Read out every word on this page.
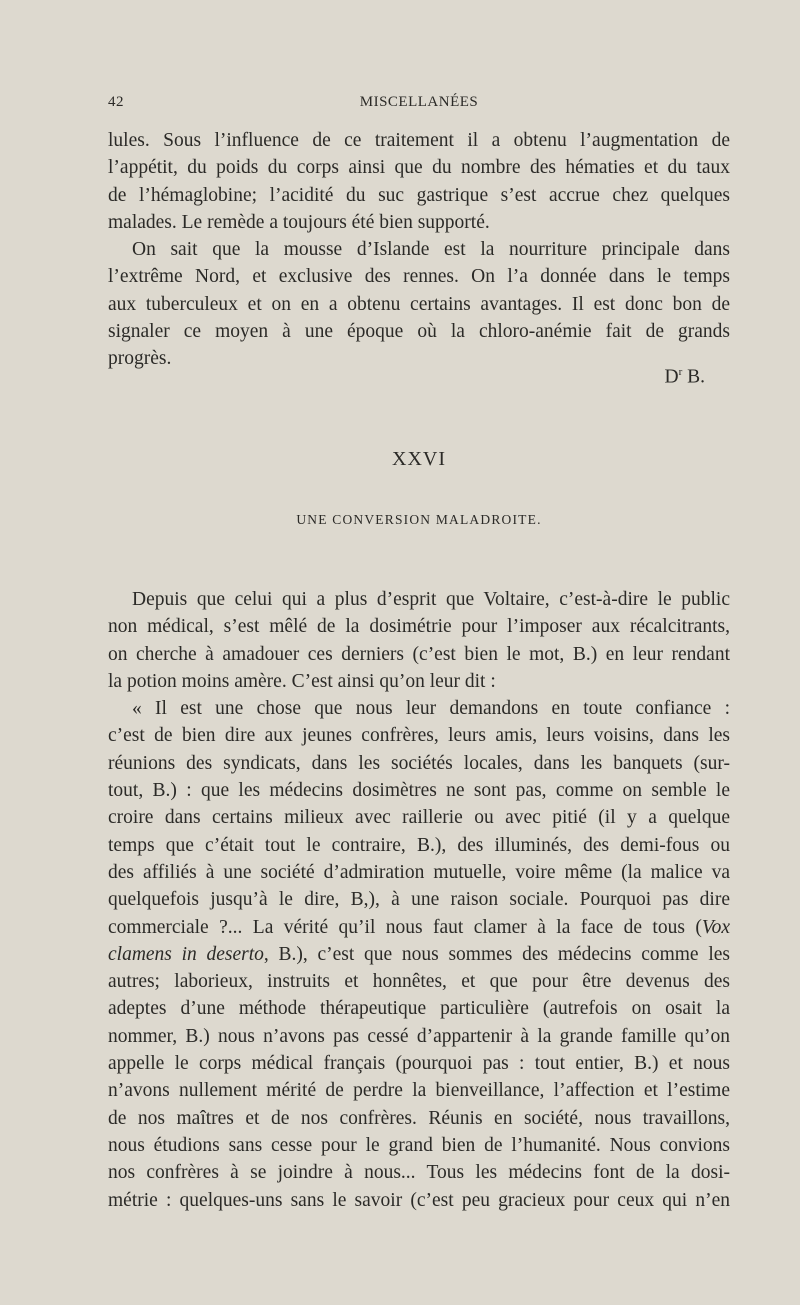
42	MISCELLANÉES
lules. Sous l’influence de ce traitement il a obtenu l’augmentation de
l’appétit, du poids du corps ainsi que du nombre des hématies et du taux
de l’hémaglobine; l’acidité du suc gastrique s’est accrue chez quelques
malades. Le remède a toujours été bien supporté.
On sait que la mousse d’Islande est la nourriture principale dans
l’extrême Nord, et exclusive des rennes. On l’a donnée dans le temps
aux tuberculeux et on en a obtenu certains avantages. Il est donc bon de
signaler ce moyen à une époque où la chloro-anémie fait de grands
progrès.
$D^r$ B.
XXVI
UNE CONVERSION MALADROITE.
Depuis que celui qui a plus d’esprit que Voltaire, c’est-à-dire le public
non médical, s’est mêlé de la dosimétrie pour l’imposer aux récalcitrants,
on cherche à amadouer ces derniers (c’est bien le mot, B.) en leur rendant
la potion moins amère. C’est ainsi qu’on leur dit :
« Il est une chose que nous leur demandons en toute confiance :
c’est de bien dire aux jeunes confrères, leurs amis, leurs voisins, dans les
réunions des syndicats, dans les sociétés locales, dans les banquets (sur-
tout, B.) : que les médecins dosimètres ne sont pas, comme on semble le
croire dans certains milieux avec raillerie ou avec pitié (il y a quelque
temps que c’était tout le contraire, B.), des illuminés, des demi-fous ou
des affiliés à une société d’admiration mutuelle, voire même (la malice va
quelquefois jusqu’à le dire, B,), à une raison sociale. Pourquoi pas dire
commerciale ?... La vérité qu’il nous faut clamer à la face de tous (Vox
clamens in deserto, B.), c’est que nous sommes des médecins comme les
autres; laborieux, instruits et honnêtes, et que pour être devenus des
adeptes d’une méthode thérapeutique particulière (autrefois on osait la
nommer, B.) nous n’avons pas cessé d’appartenir à la grande famille qu’on
appelle le corps médical français (pourquoi pas : tout entier, B.) et nous
n’avons nullement mérité de perdre la bienveillance, l’affection et l’estime
de nos maîtres et de nos confrères. Réunis en société, nous travaillons,
nous étudions sans cesse pour le grand bien de l’humanité. Nous convions
nos confrères à se joindre à nous... Tous les médecins font de la dosi-
métrie : quelques-uns sans le savoir (c’est peu gracieux pour ceux qui n’en
